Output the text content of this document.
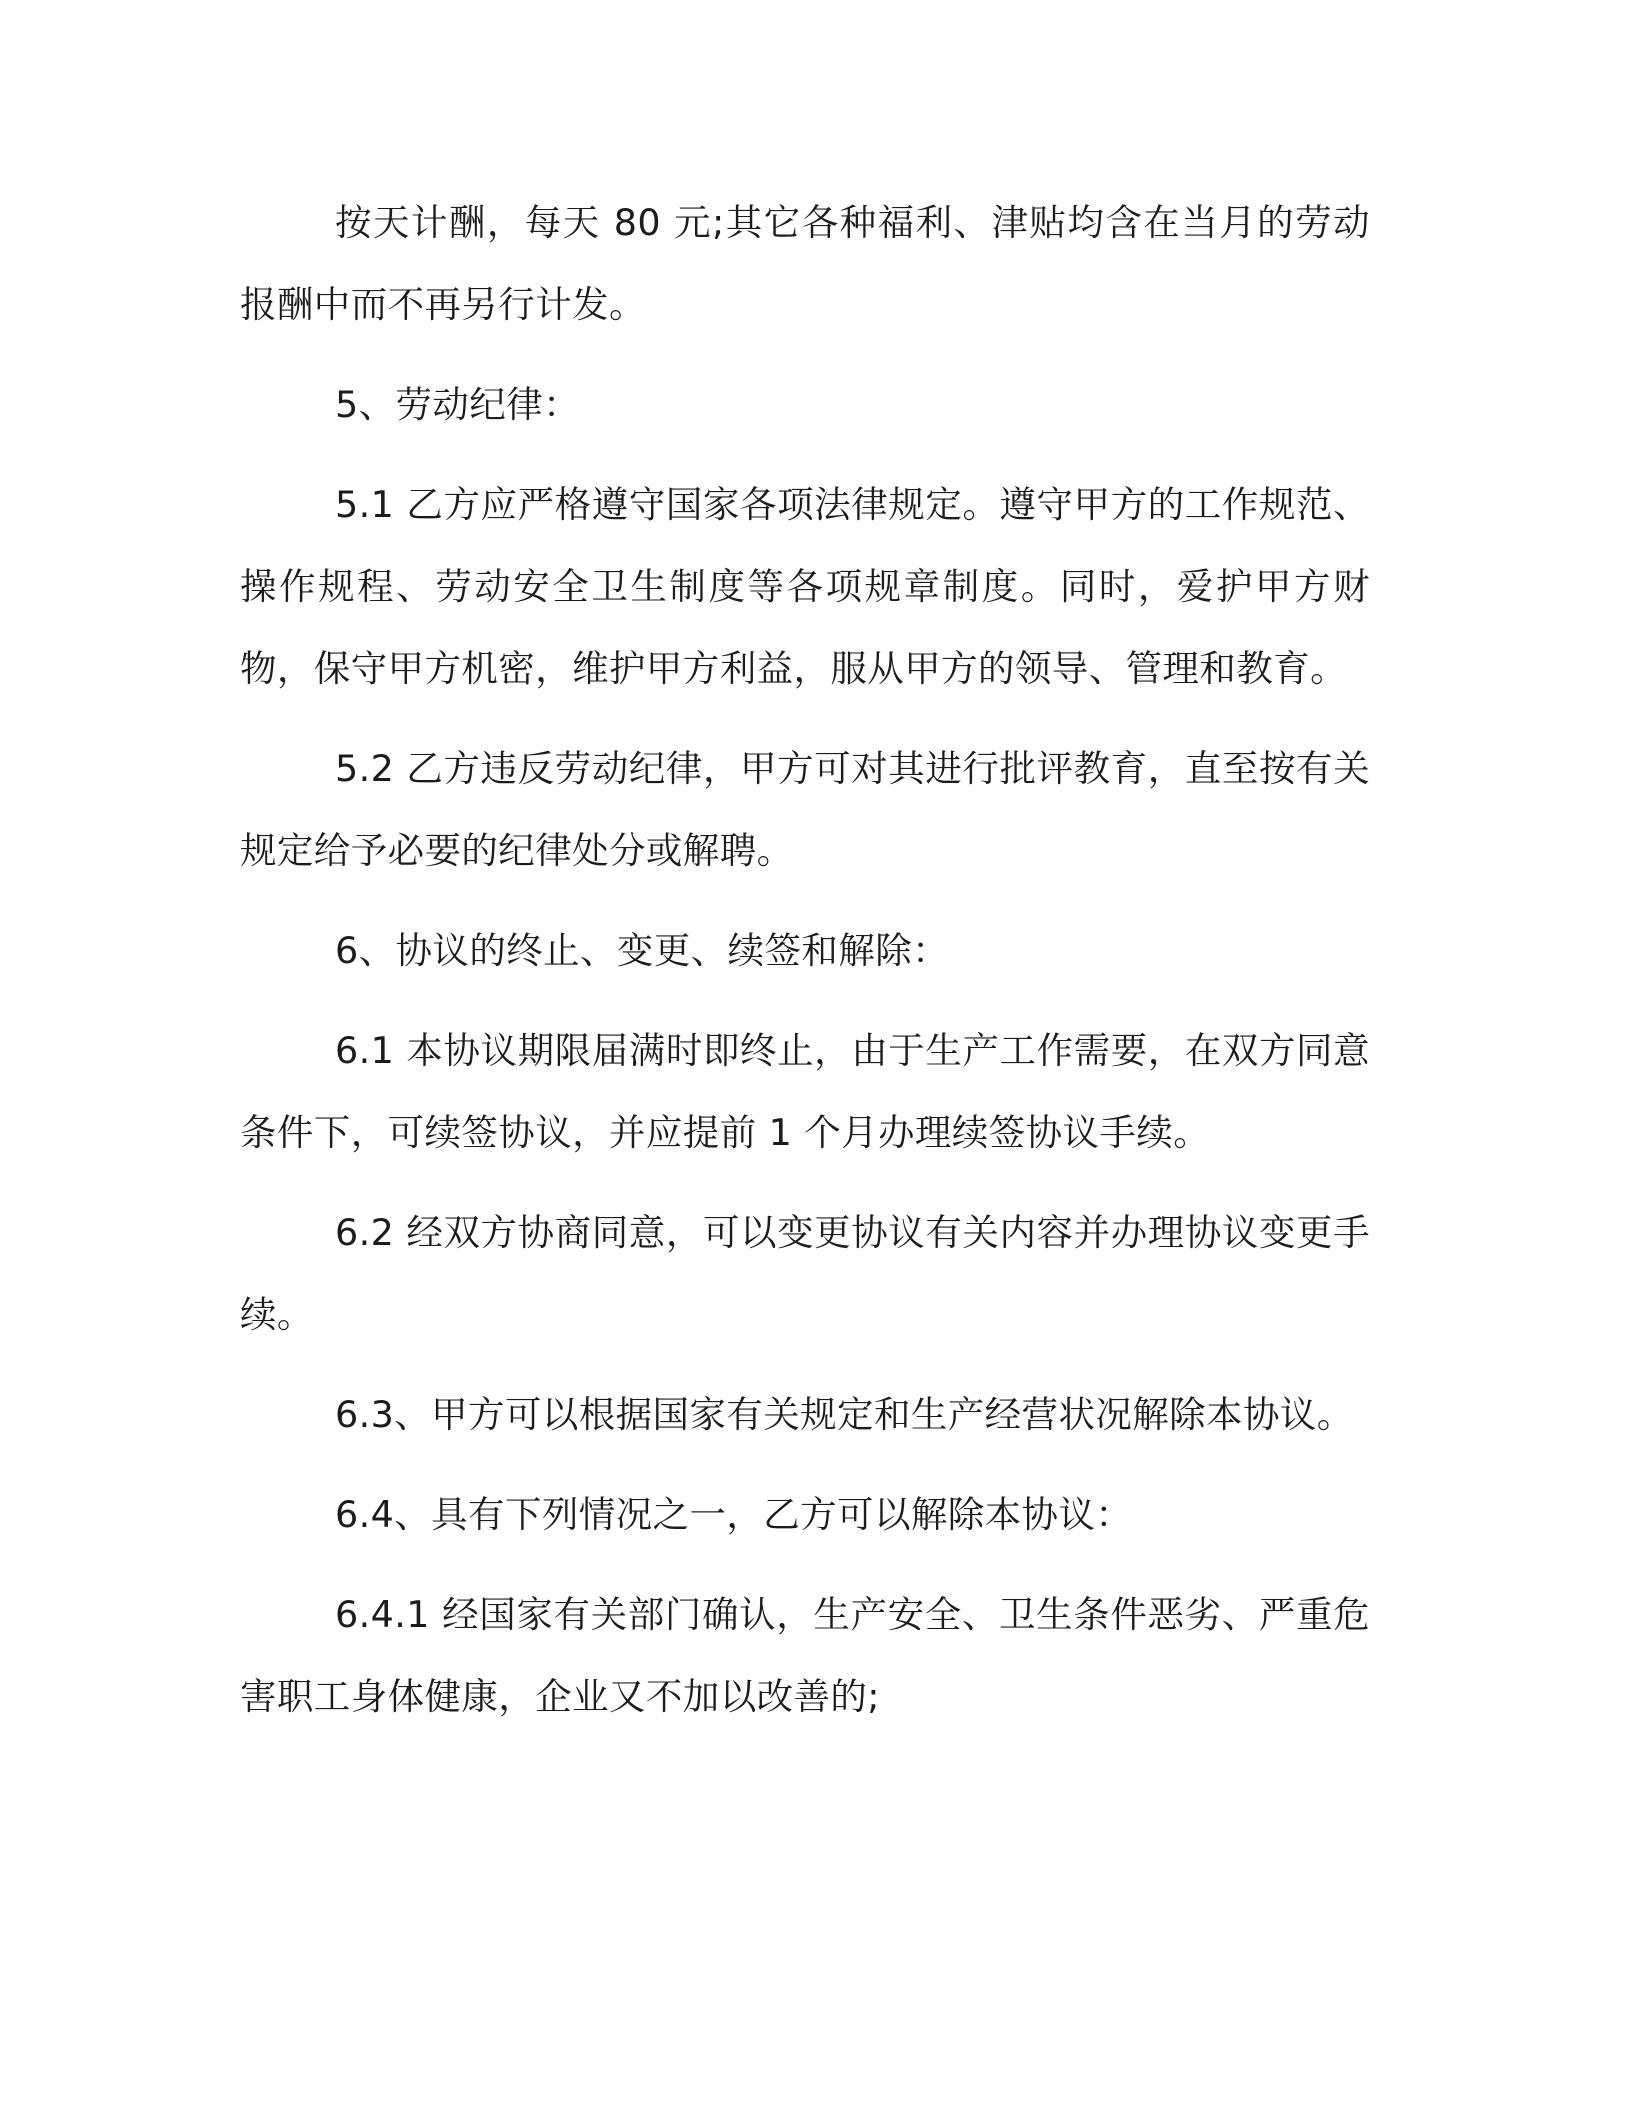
按天计酬，每天 80 元;其它各种福利、津贴均含在当月的劳动报酬中而不再另行计发。

5、劳动纪律：

5.1 乙方应严格遵守国家各项法律规定。遵守甲方的工作规范、操作规程、劳动安全卫生制度等各项规章制度。同时，爱护甲方财物，保守甲方机密，维护甲方利益，服从甲方的领导、管理和教育。

5.2 乙方违反劳动纪律，甲方可对其进行批评教育，直至按有关规定给予必要的纪律处分或解聘。

6、协议的终止、变更、续签和解除：

6.1 本协议期限届满时即终止，由于生产工作需要，在双方同意条件下，可续签协议，并应提前 1 个月办理续签协议手续。

6.2 经双方协商同意，可以变更协议有关内容并办理协议变更手续。

6.3、甲方可以根据国家有关规定和生产经营状况解除本协议。

6.4、具有下列情况之一，乙方可以解除本协议：

6.4.1 经国家有关部门确认，生产安全、卫生条件恶劣、严重危害职工身体健康，企业又不加以改善的;
